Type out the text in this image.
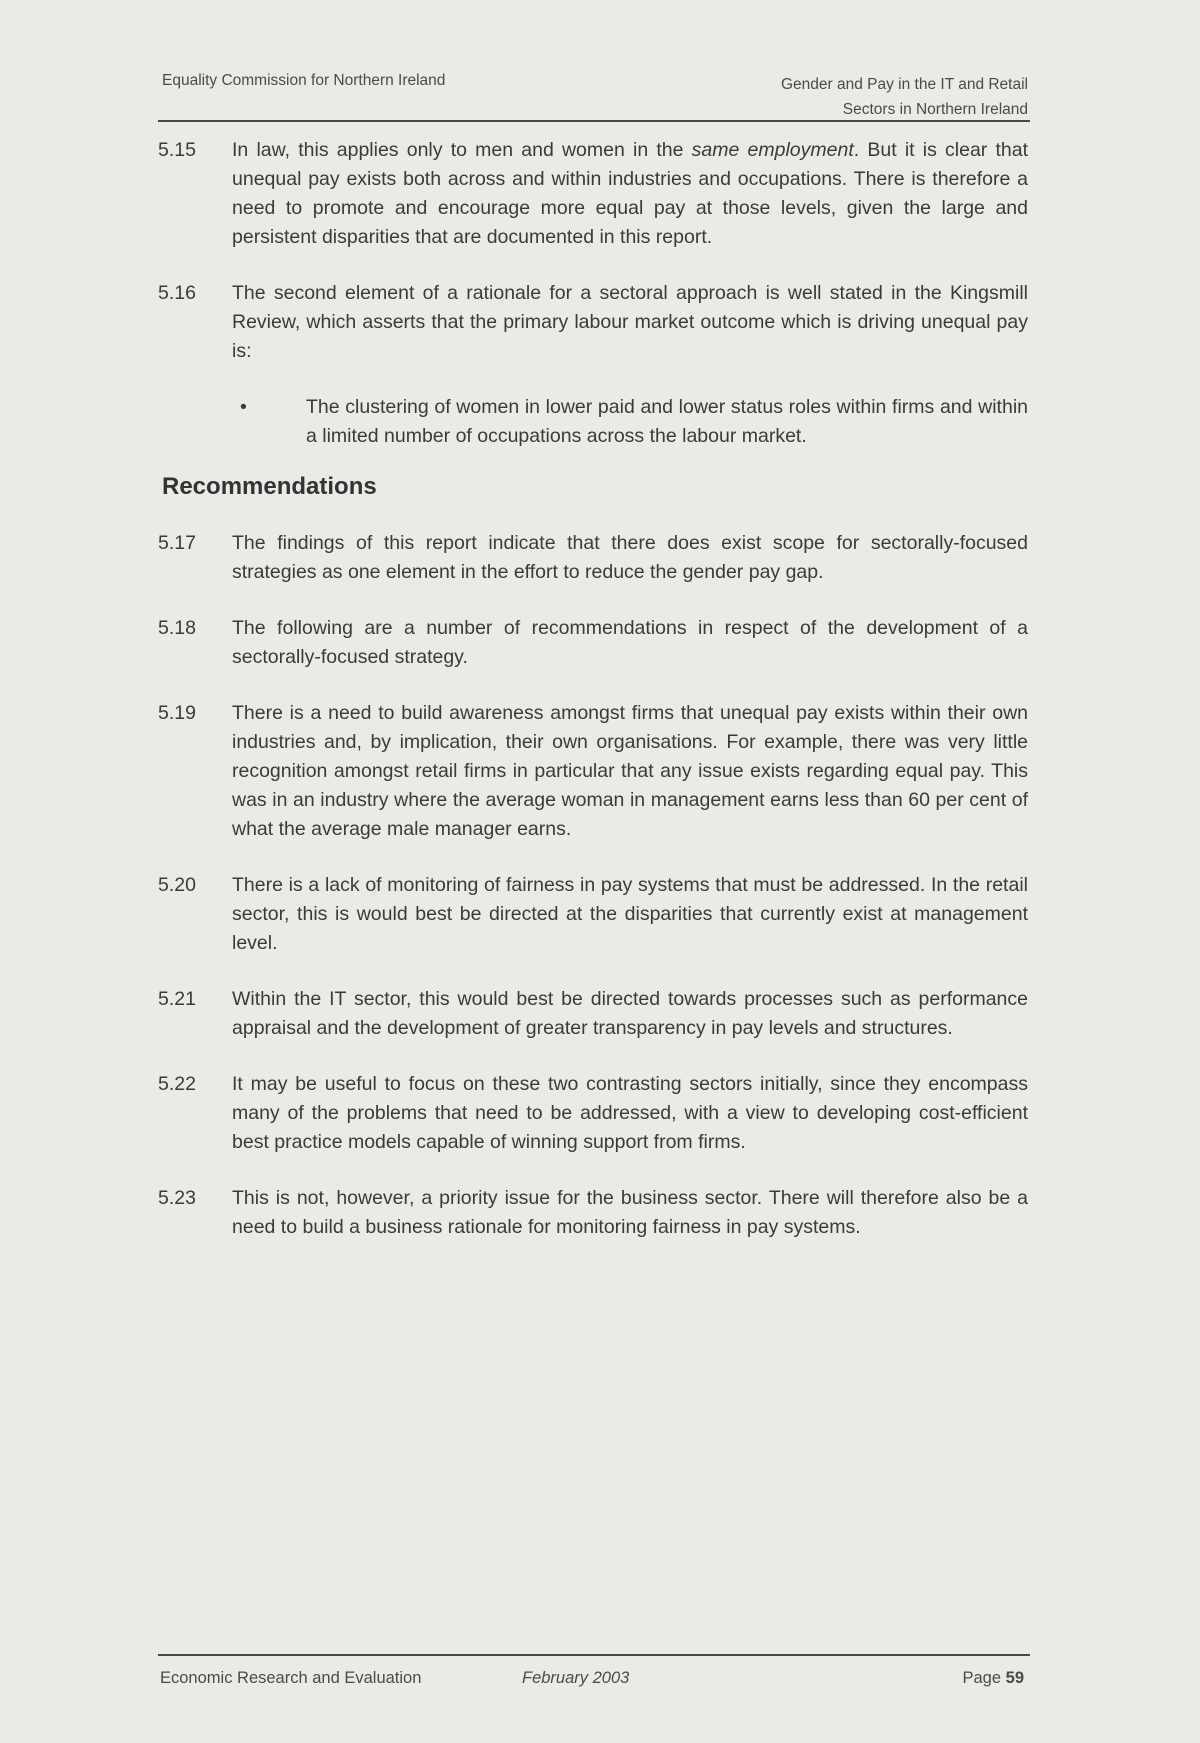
Equality Commission for Northern Ireland	Gender and Pay in the IT and Retail
Sectors in Northern Ireland
5.15	In law, this applies only to men and women in the same employment. But it is clear that unequal pay exists both across and within industries and occupations. There is therefore a need to promote and encourage more equal pay at those levels, given the large and persistent disparities that are documented in this report.
5.16	The second element of a rationale for a sectoral approach is well stated in the Kingsmill Review, which asserts that the primary labour market outcome which is driving unequal pay is:
•	The clustering of women in lower paid and lower status roles within firms and within a limited number of occupations across the labour market.
Recommendations
5.17	The findings of this report indicate that there does exist scope for sectorally-focused strategies as one element in the effort to reduce the gender pay gap.
5.18	The following are a number of recommendations in respect of the development of a sectorally-focused strategy.
5.19	There is a need to build awareness amongst firms that unequal pay exists within their own industries and, by implication, their own organisations. For example, there was very little recognition amongst retail firms in particular that any issue exists regarding equal pay. This was in an industry where the average woman in management earns less than 60 per cent of what the average male manager earns.
5.20	There is a lack of monitoring of fairness in pay systems that must be addressed. In the retail sector, this is would best be directed at the disparities that currently exist at management level.
5.21	Within the IT sector, this would best be directed towards processes such as performance appraisal and the development of greater transparency in pay levels and structures.
5.22	It may be useful to focus on these two contrasting sectors initially, since they encompass many of the problems that need to be addressed, with a view to developing cost-efficient best practice models capable of winning support from firms.
5.23	This is not, however, a priority issue for the business sector. There will therefore also be a need to build a business rationale for monitoring fairness in pay systems.
Economic Research and Evaluation	February 2003	Page 59
